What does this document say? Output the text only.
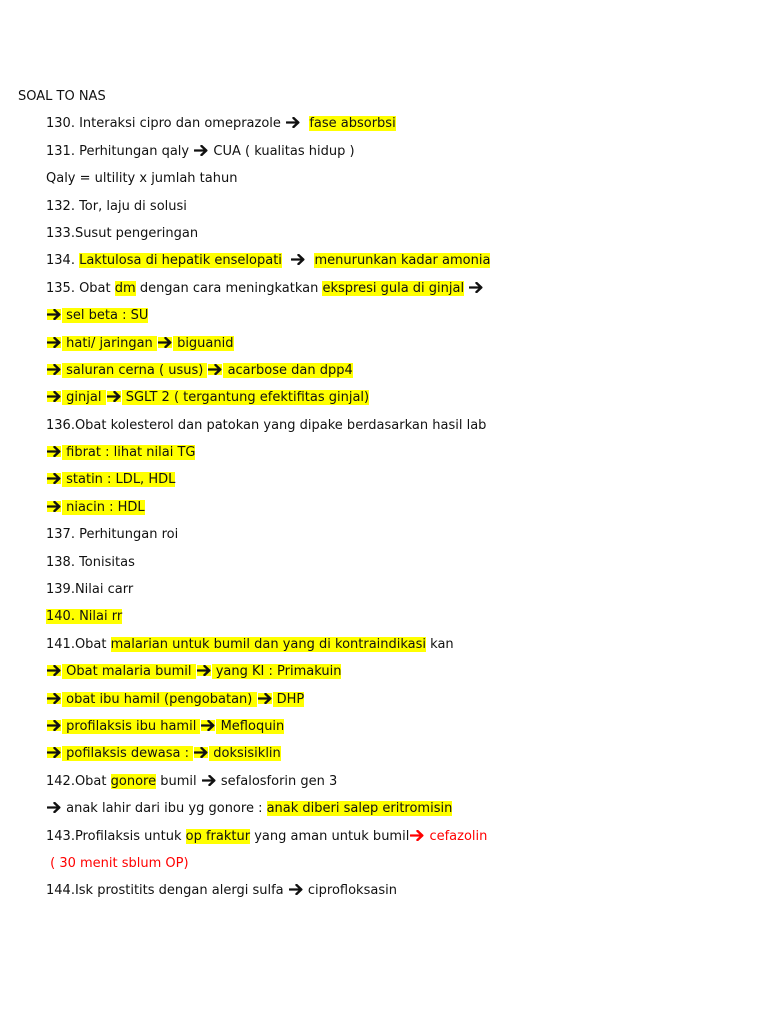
SOAL TO NAS
130. Interaksi cipro dan omeprazole
fase absorbsi
131. Perhitungan qaly
CUA ( kualitas hidup )
Qaly = ultility x jumlah tahun
132. Tor, laju di solusi
133.Susut pengeringan
134. Laktulosa di hepatik enselopati	menurunkan kadar amonia
135. Obat dm dengan cara meningkatkan ekspresi gula di ginjal
sel beta : SU
hati/ jaringan
biguanid
saluran cerna ( usus)
acarbose dan dpp4
ginjal
SGLT 2 ( tergantung efektifitas ginjal)
136.Obat kolesterol dan patokan yang dipake berdasarkan hasil lab
fibrat : lihat nilai TG
statin : LDL, HDL
niacin : HDL
137. Perhitungan roi
138. Tonisitas
139.Nilai carr
140. Nilai rr
141.Obat malarian untuk bumil dan yang di kontraindikasi kan
Obat malaria bumil
yang KI : Primakuin
obat ibu hamil (pengobatan)
DHP
profilaksis ibu hamil
Mefloquin
pofilaksis dewasa :
doksisiklin
142.Obat gonore bumil
sefalosforin gen 3
anak lahir dari ibu yg gonore : anak diberi salep eritromisin
143.Profilaksis untuk op fraktur yang aman untuk bumil
cefazolin
( 30 menit sblum OP)
144.Isk prostitits dengan alergi sulfa
ciprofloksasin
